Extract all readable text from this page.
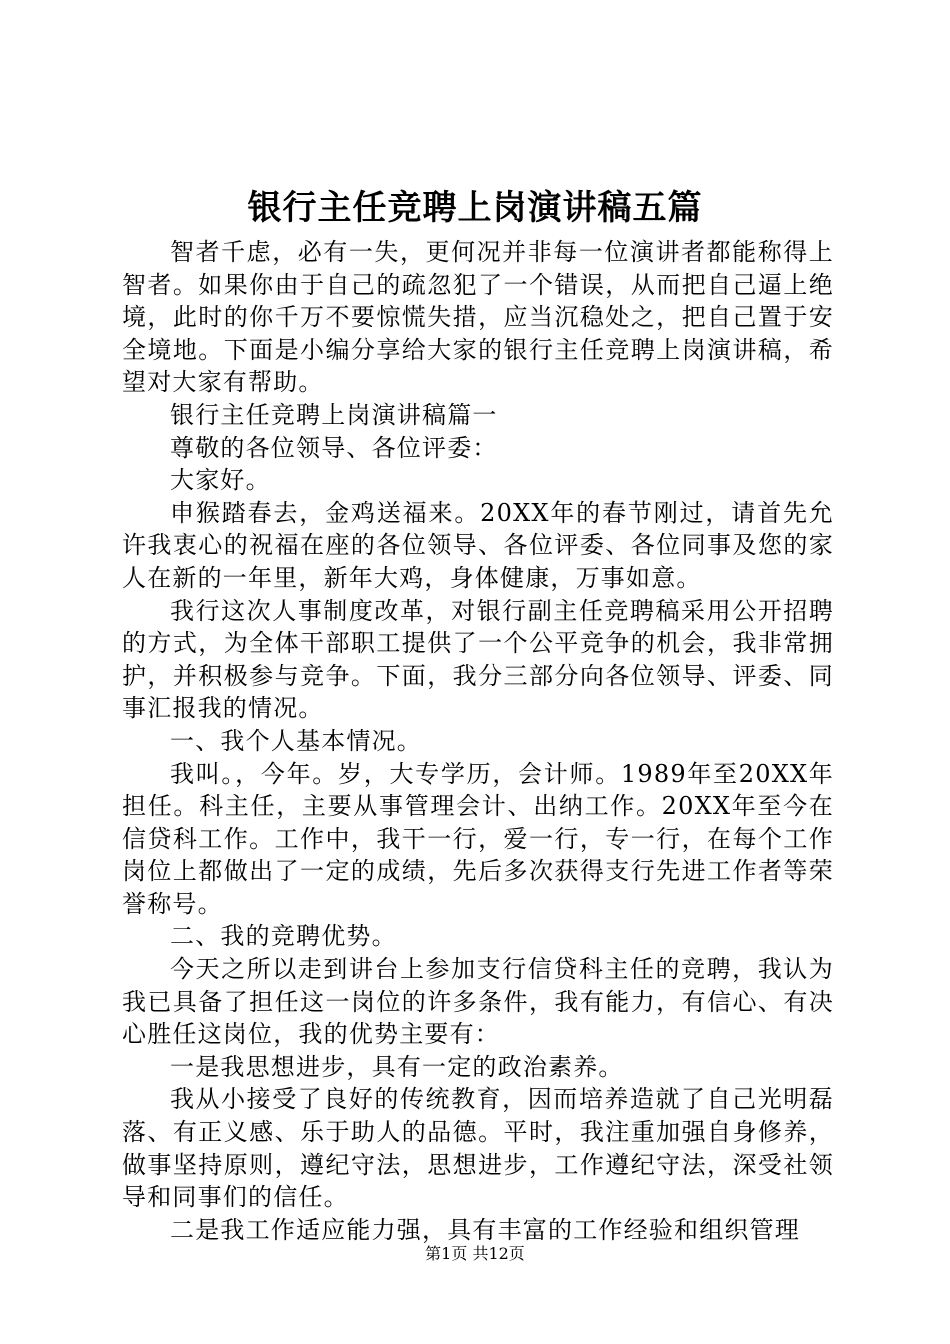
银行主任竞聘上岗演讲稿五篇

智者千虑，必有一失，更何况并非每一位演讲者都能称得上智者。如果你由于自己的疏忽犯了一个错误，从而把自己逼上绝境，此时的你千万不要惊慌失措，应当沉稳处之，把自己置于安全境地。下面是小编分享给大家的银行主任竞聘上岗演讲稿，希望对大家有帮助。

银行主任竞聘上岗演讲稿篇一

尊敬的各位领导、各位评委：

大家好。

申猴踏春去，金鸡送福来。20XX年的春节刚过，请首先允许我衷心的祝福在座的各位领导、各位评委、各位同事及您的家人在新的一年里，新年大鸡，身体健康，万事如意。

我行这次人事制度改革，对银行副主任竞聘稿采用公开招聘的方式，为全体干部职工提供了一个公平竞争的机会，我非常拥护，并积极参与竞争。下面，我分三部分向各位领导、评委、同事汇报我的情况。

一、我个人基本情况。

我叫。，今年。岁，大专学历，会计师。1989年至20XX年担任。科主任，主要从事管理会计、出纳工作。20XX年至今在信贷科工作。工作中，我干一行，爱一行，专一行，在每个工作岗位上都做出了一定的成绩，先后多次获得支行先进工作者等荣誉称号。

二、我的竞聘优势。

今天之所以走到讲台上参加支行信贷科主任的竞聘，我认为我已具备了担任这一岗位的许多条件，我有能力，有信心、有决心胜任这岗位，我的优势主要有：

一是我思想进步，具有一定的政治素养。

我从小接受了良好的传统教育，因而培养造就了自己光明磊落、有正义感、乐于助人的品德。平时，我注重加强自身修养，做事坚持原则，遵纪守法，思想进步，工作遵纪守法，深受社领导和同事们的信任。

二是我工作适应能力强，具有丰富的工作经验和组织管理

第1页 共12页
